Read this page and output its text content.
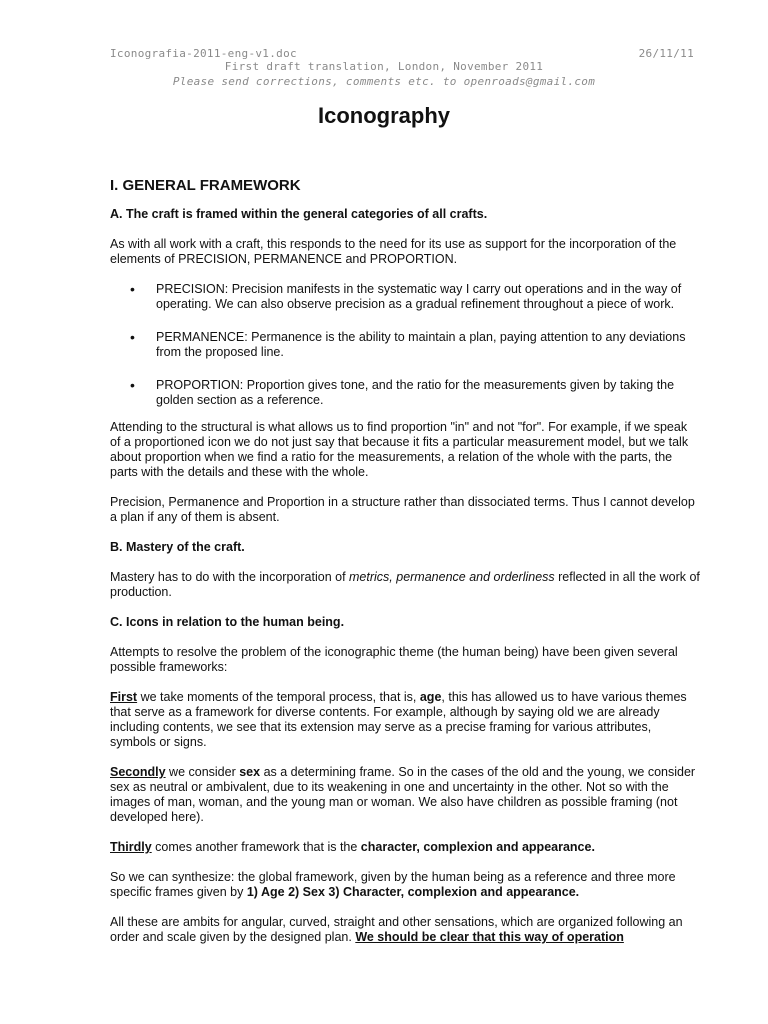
Iconografia-2011-eng-v1.doc	26/11/11
First draft translation, London, November 2011
Please send corrections, comments etc. to openroads@gmail.com
Iconography
I. GENERAL FRAMEWORK
A. The craft is framed within the general categories of all crafts.
As with all work with a craft, this responds to the need for its use as support for the incorporation of the elements of PRECISION, PERMANENCE and PROPORTION.
• PRECISION: Precision manifests in the systematic way I carry out operations and in the way of operating. We can also observe precision as a gradual refinement throughout a piece of work.
• PERMANENCE: Permanence is the ability to maintain a plan, paying attention to any deviations from the proposed line.
• PROPORTION: Proportion gives tone, and the ratio for the measurements given by taking the golden section as a reference.
Attending to the structural is what allows us to find proportion "in" and not "for". For example, if we speak of a proportioned icon we do not just say that because it fits a particular measurement model, but we talk about proportion when we find a ratio for the measurements, a relation of the whole with the parts, the parts with the details and these with the whole.
Precision, Permanence and Proportion in a structure rather than dissociated terms. Thus I cannot develop a plan if any of them is absent.
B. Mastery of the craft.
Mastery has to do with the incorporation of metrics, permanence and orderliness reflected in all the work of production.
C. Icons in relation to the human being.
Attempts to resolve the problem of the iconographic theme (the human being) have been given several possible frameworks:
First we take moments of the temporal process, that is, age, this has allowed us to have various themes that serve as a framework for diverse contents. For example, although by saying old we are already including contents, we see that its extension may serve as a precise framing for various attributes, symbols or signs.
Secondly we consider sex as a determining frame. So in the cases of the old and the young, we consider sex as neutral or ambivalent, due to its weakening in one and uncertainty in the other. Not so with the images of man, woman, and the young man or woman. We also have children as possible framing (not developed here).
Thirdly comes another framework that is the character, complexion and appearance.
So we can synthesize: the global framework, given by the human being as a reference and three more specific frames given by 1) Age 2) Sex 3) Character, complexion and appearance.
All these are ambits for angular, curved, straight and other sensations, which are organized following an order and scale given by the designed plan. We should be clear that this way of operation
